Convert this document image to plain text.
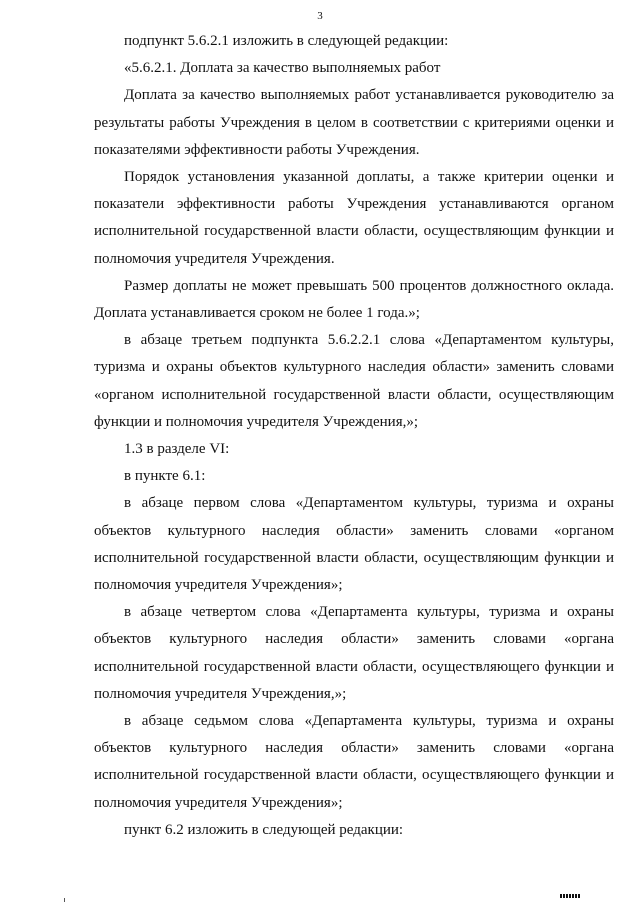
3

подпункт 5.6.2.1 изложить в следующей редакции:

«5.6.2.1. Доплата за качество выполняемых работ

Доплата за качество выполняемых работ устанавливается руководителю за результаты работы Учреждения в целом в соответствии с критериями оценки и показателями эффективности работы Учреждения.

Порядок установления указанной доплаты, а также критерии оценки и показатели эффективности работы Учреждения устанавливаются органом исполнительной государственной власти области, осуществляющим функции и полномочия учредителя Учреждения.

Размер доплаты не может превышать 500 процентов должностного оклада. Доплата устанавливается сроком не более 1 года.»;

в абзаце третьем подпункта 5.6.2.2.1 слова «Департаментом культуры, туризма и охраны объектов культурного наследия области» заменить словами «органом исполнительной государственной власти области, осуществляющим функции и полномочия учредителя Учреждения,»;

1.3 в разделе VI:

в пункте 6.1:

в абзаце первом слова «Департаментом культуры, туризма и охраны объектов культурного наследия области» заменить словами «органом исполнительной государственной власти области, осуществляющим функции и полномочия учредителя Учреждения»;

в абзаце четвертом слова «Департамента культуры, туризма и охраны объектов культурного наследия области» заменить словами «органа исполнительной государственной власти области, осуществляющего функции и полномочия учредителя Учреждения,»;

в абзаце седьмом слова «Департамента культуры, туризма и охраны объектов культурного наследия области» заменить словами «органа исполнительной государственной власти области, осуществляющего функции и полномочия учредителя Учреждения»;

пункт 6.2 изложить в следующей редакции:
